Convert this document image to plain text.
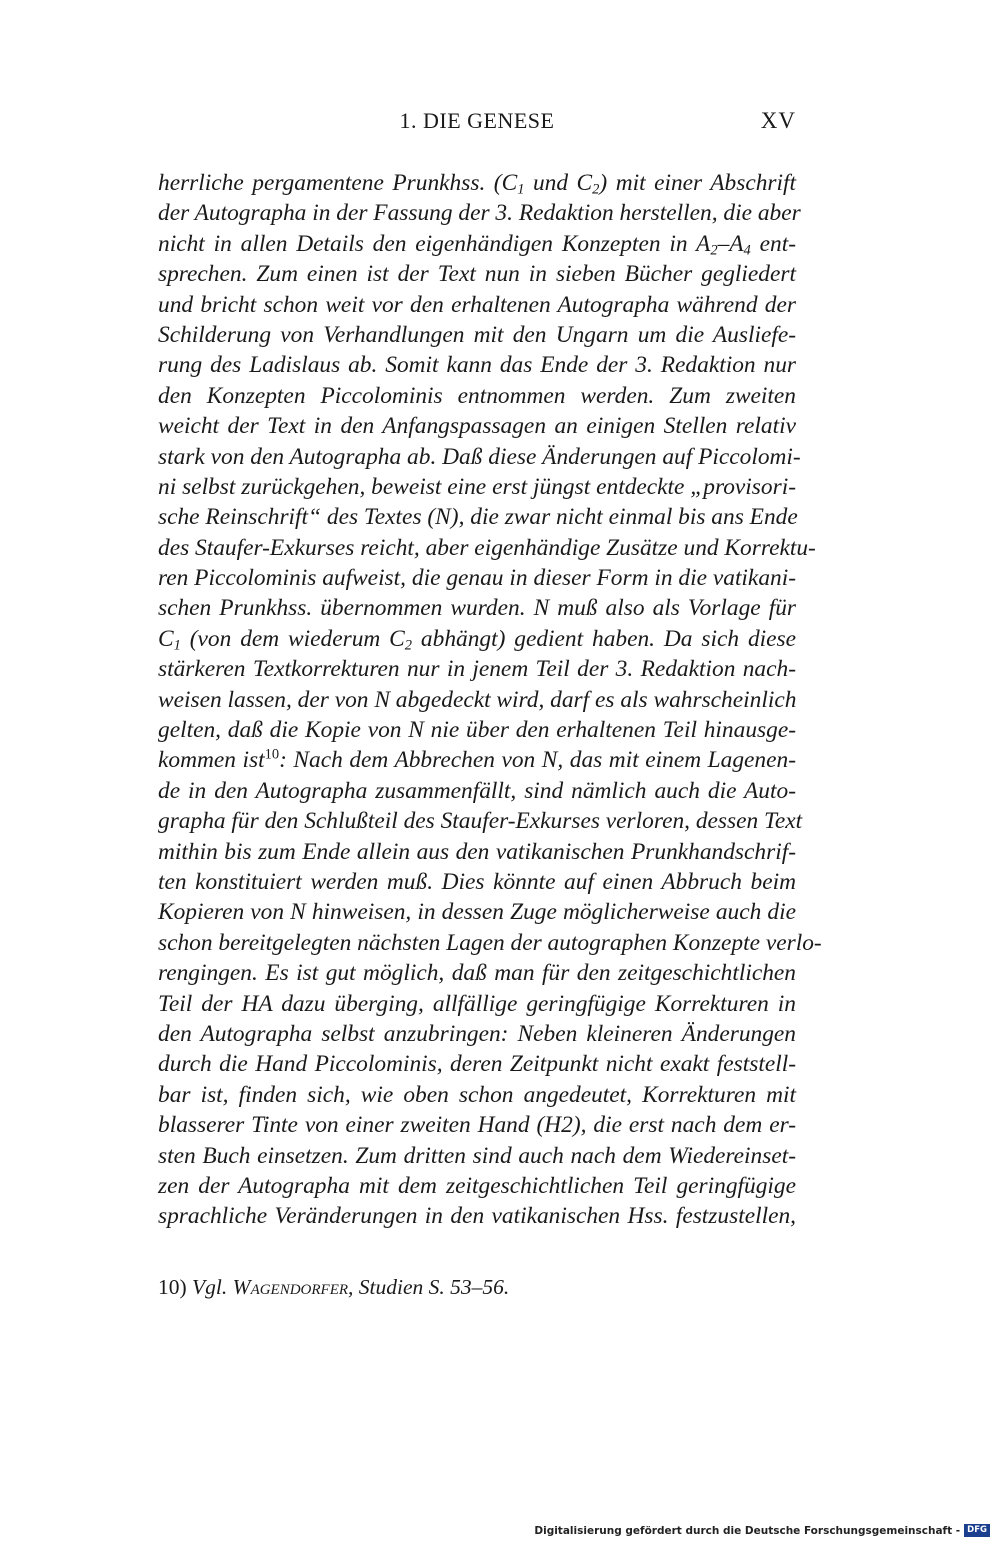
1. DIE GENESE	XV
herrliche pergamentene Prunkhss. ($C_1$ und $C_2$) mit einer Abschrift
der Autographa in der Fassung der 3. Redaktion herstellen, die aber
nicht in allen Details den eigenhändigen Konzepten in $A_2-A_4$ ent-
sprechen. Zum einen ist der Text nun in sieben Bücher gegliedert
und bricht schon weit vor den erhaltenen Autographa während der
Schilderung von Verhandlungen mit den Ungarn um die Ausliefe-
rung des Ladislaus ab. Somit kann das Ende der 3. Redaktion nur
den Konzepten Piccolominis entnommen werden. Zum zweiten
weicht der Text in den Anfangspassagen an einigen Stellen relativ
stark von den Autographa ab. Daß diese Änderungen auf Piccolomi-
ni selbst zurückgehen, beweist eine erst jüngst entdeckte „provisori-
sche Reinschrift“ des Textes (N), die zwar nicht einmal bis ans Ende
des Staufer-Exkurses reicht, aber eigenhändige Zusätze und Korrektu-
ren Piccolominis aufweist, die genau in dieser Form in die vatikani-
schen Prunkhss. übernommen wurden. N muß also als Vorlage für
$C_1$ (von dem wiederum $C_2$ abhängt) gedient haben. Da sich diese
stärkeren Textkorrekturen nur in jenem Teil der 3. Redaktion nach-
weisen lassen, der von N abgedeckt wird, darf es als wahrscheinlich
gelten, daß die Kopie von N nie über den erhaltenen Teil hinausge-
kommen ist$^{10}$: Nach dem Abbrechen von N, das mit einem Lagenen-
de in den Autographa zusammenfällt, sind nämlich auch die Auto-
grapha für den Schlußteil des Staufer-Exkurses verloren, dessen Text
mithin bis zum Ende allein aus den vatikanischen Prunkhandschrif-
ten konstituiert werden muß. Dies könnte auf einen Abbruch beim
Kopieren von N hinweisen, in dessen Zuge möglicherweise auch die
schon bereitgelegten nächsten Lagen der autographen Konzepte verlo-
rengingen. Es ist gut möglich, daß man für den zeitgeschichtlichen
Teil der HA dazu überging, allfällige geringfügige Korrekturen in
den Autographa selbst anzubringen: Neben kleineren Änderungen
durch die Hand Piccolominis, deren Zeitpunkt nicht exakt feststell-
bar ist, finden sich, wie oben schon angedeutet, Korrekturen mit
blasserer Tinte von einer zweiten Hand (H2), die erst nach dem er-
sten Buch einsetzen. Zum dritten sind auch nach dem Wiedereinset-
zen der Autographa mit dem zeitgeschichtlichen Teil geringfügige
sprachliche Veränderungen in den vatikanischen Hss. festzustellen,
10) Vgl. Wagendorfer, Studien S. 53–56.
Digitalisierung gefördert durch die Deutsche Forschungsgemeinschaft - DFG
